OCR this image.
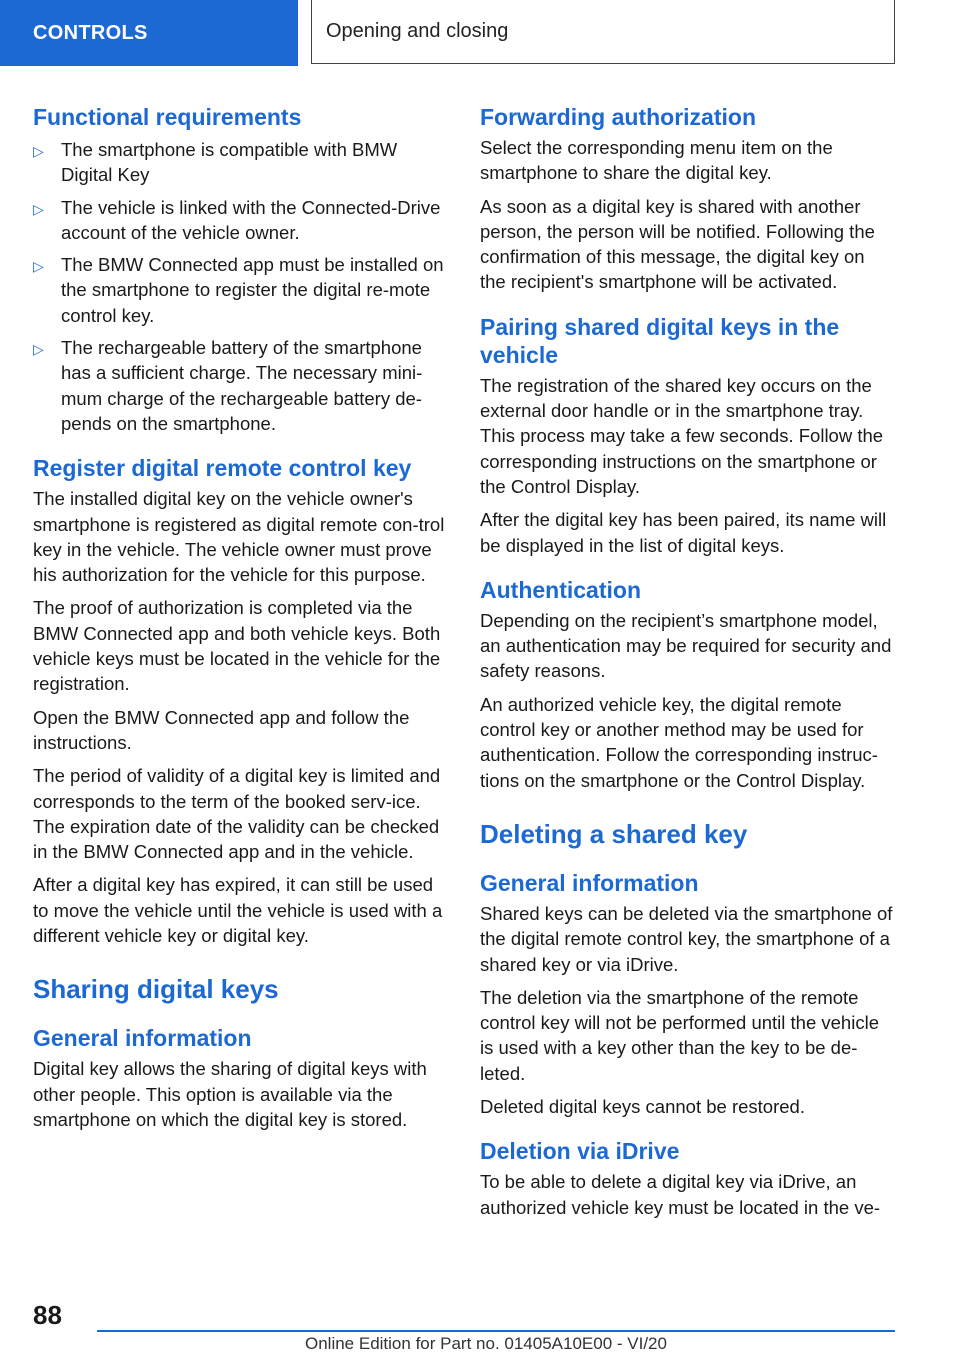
CONTROLS	Opening and closing
Functional requirements
▷ The smartphone is compatible with BMW Digital Key
▷ The vehicle is linked with the Connected-Drive account of the vehicle owner.
▷ The BMW Connected app must be installed on the smartphone to register the digital re-mote control key.
▷ The rechargeable battery of the smartphone has a sufficient charge. The necessary mini-mum charge of the rechargeable battery de-pends on the smartphone.
Register digital remote control key

The installed digital key on the vehicle owner's smartphone is registered as digital remote con-trol key in the vehicle. The vehicle owner must prove his authorization for the vehicle for this purpose.

The proof of authorization is completed via the BMW Connected app and both vehicle keys. Both vehicle keys must be located in the vehicle for the registration.

Open the BMW Connected app and follow the instructions.

The period of validity of a digital key is limited and corresponds to the term of the booked serv-ice. The expiration date of the validity can be checked in the BMW Connected app and in the vehicle.

After a digital key has expired, it can still be used to move the vehicle until the vehicle is used with a different vehicle key or digital key.

Sharing digital keys
General information

Digital key allows the sharing of digital keys with other people. This option is available via the smartphone on which the digital key is stored.

Forwarding authorization

Select the corresponding menu item on the smartphone to share the digital key.

As soon as a digital key is shared with another person, the person will be notified. Following the confirmation of this message, the digital key on the recipient's smartphone will be activated.

Pairing shared digital keys in the vehicle

The registration of the shared key occurs on the external door handle or in the smartphone tray. This process may take a few seconds. Follow the corresponding instructions on the smartphone or the Control Display.

After the digital key has been paired, its name will be displayed in the list of digital keys.

Authentication

Depending on the recipient’s smartphone model, an authentication may be required for security and safety reasons.

An authorized vehicle key, the digital remote control key or another method may be used for authentication. Follow the corresponding instruc-tions on the smartphone or the Control Display.

Deleting a shared key
General information

Shared keys can be deleted via the smartphone of the digital remote control key, the smartphone of a shared key or via iDrive.

The deletion via the smartphone of the remote control key will not be performed until the vehicle is used with a key other than the key to be de-leted.

Deleted digital keys cannot be restored.

Deletion via iDrive

To be able to delete a digital key via iDrive, an authorized vehicle key must be located in the ve-

88
Online Edition for Part no. 01405A10E00 - VI/20
